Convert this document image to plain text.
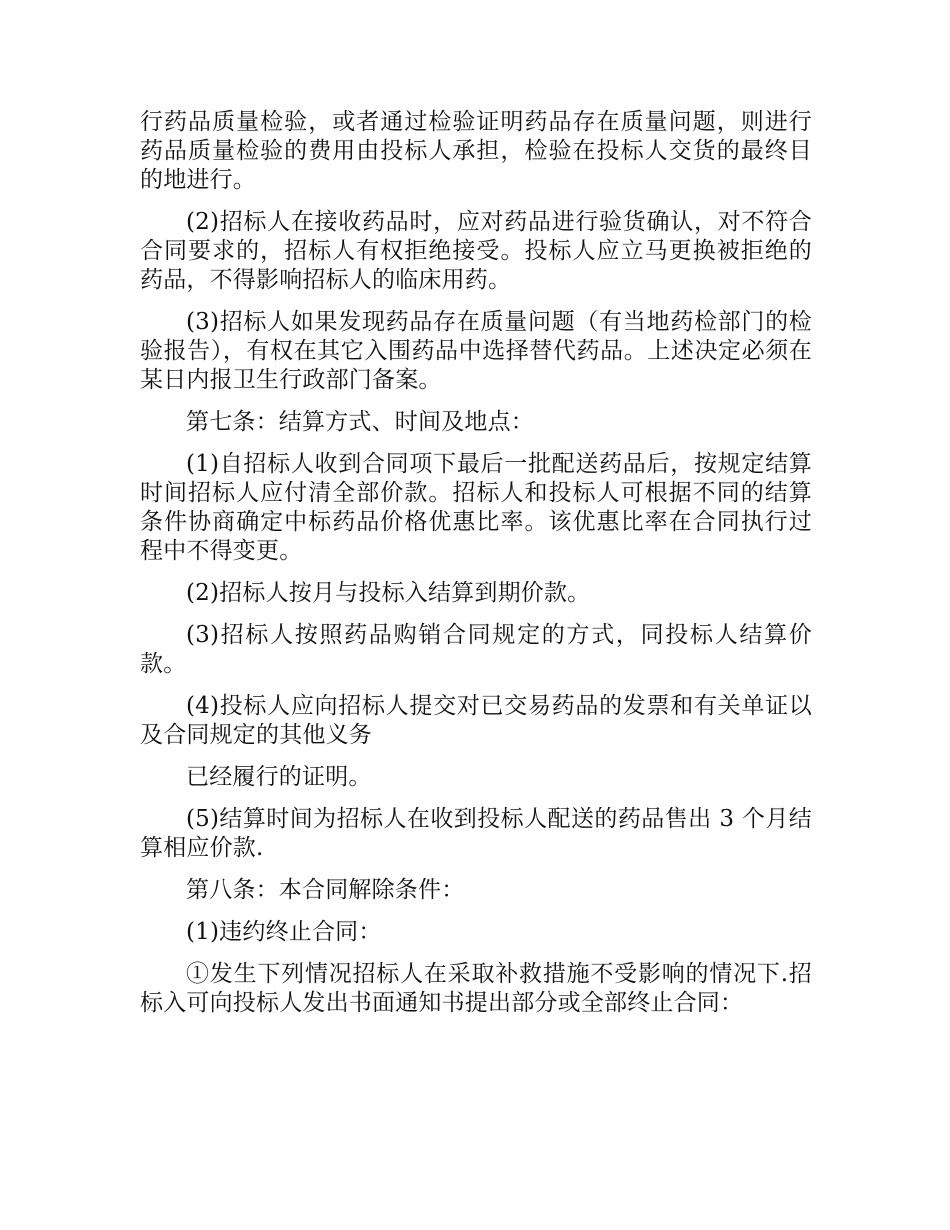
行药品质量检验，或者通过检验证明药品存在质量问题，则进行药品质量检验的费用由投标人承担，检验在投标人交货的最终目的地进行。

(2)招标人在接收药品时，应对药品进行验货确认，对不符合合同要求的，招标人有权拒绝接受。投标人应立马更换被拒绝的药品，不得影响招标人的临床用药。

(3)招标人如果发现药品存在质量问题（有当地药检部门的检验报告），有权在其它入围药品中选择替代药品。上述决定必须在某日内报卫生行政部门备案。

第七条：结算方式、时间及地点：

(1)自招标人收到合同项下最后一批配送药品后，按规定结算时间招标人应付清全部价款。招标人和投标人可根据不同的结算条件协商确定中标药品价格优惠比率。该优惠比率在合同执行过程中不得变更。

(2)招标人按月与投标入结算到期价款。

(3)招标人按照药品购销合同规定的方式，同投标人结算价款。

(4)投标人应向招标人提交对已交易药品的发票和有关单证以及合同规定的其他义务

已经履行的证明。

(5)结算时间为招标人在收到投标人配送的药品售出 3 个月结算相应价款.

第八条：本合同解除条件：

(1)违约终止合同：

①发生下列情况招标人在采取补救措施不受影响的情况下.招标入可向投标人发出书面通知书提出部分或全部终止合同：
